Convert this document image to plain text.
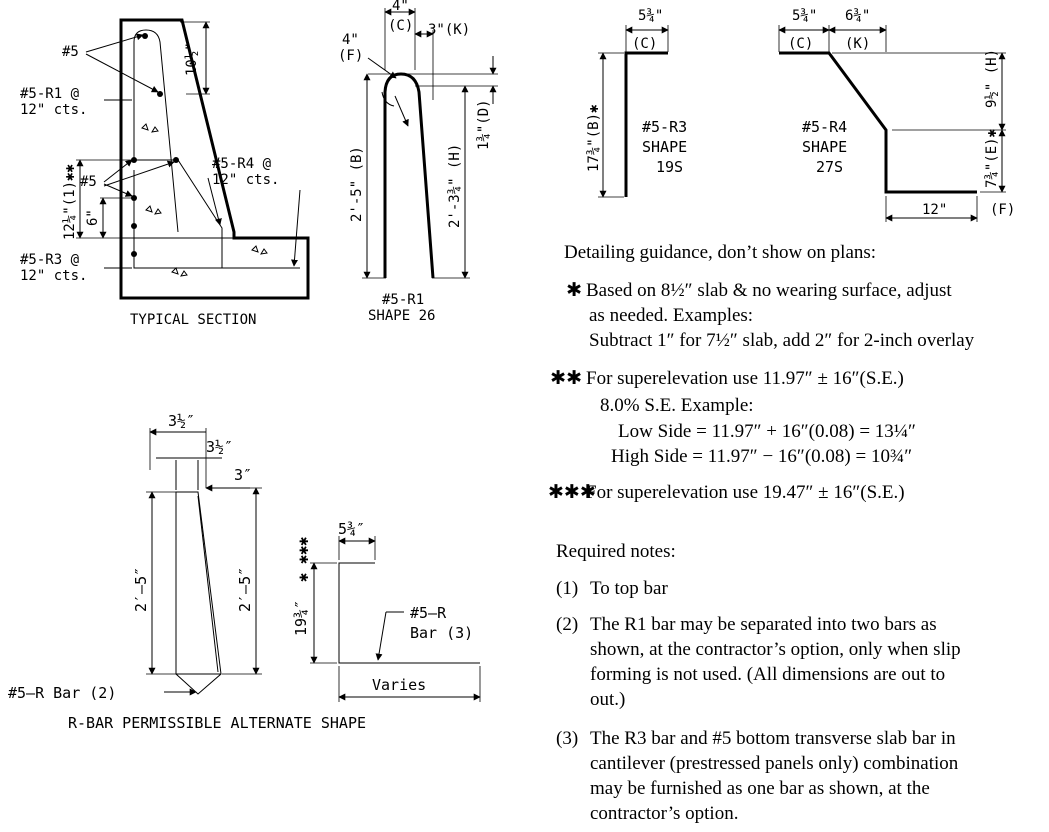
#5
#5-R1 @
12" cts.
#5
#5-R4 @
12" cts.
#5-R3 @
12" cts.
10½"
12¼"(1)✱✱ 6"
TYPICAL SECTION
4"
(C) 3"(K)
4"
(F)
2'-5" (B)	2'-3¾" (H)
1¾"(D)
#5-R1
SHAPE 26
5¾"
(C)
17¾"(B)✱	#5-R3
SHAPE
19S
5¾"
(C)
6¾"
(K)
9½" (H)
7¾"(E)✱
12"	(F)
#5-R4
SHAPE
27S
3½″
3½″
3″
2′–5″	2′–5″
#5–R Bar (2)
5¾″
19¾″
✱ ✱✱✱
#5–R
Bar (3)
Varies
R-BAR PERMISSIBLE ALTERNATE SHAPE
Detailing guidance, don’t show on plans:
✱ Based on 8½″ slab & no wearing surface, adjust
as needed. Examples:
Subtract 1″ for 7½″ slab, add 2″ for 2-inch overlay
✱✱ For superelevation use 11.97″ ± 16″(S.E.)
8.0% S.E. Example:
Low Side = 11.97″ + 16″(0.08) = 13¼″
High Side = 11.97″ − 16″(0.08) = 10¾″
✱✱✱For superelevation use 19.47″ ± 16″(S.E.)
Required notes:
(1) To top bar
(2) The R1 bar may be separated into two bars as
shown, at the contractor’s option, only when slip
forming is not used. (All dimensions are out to
out.)
(3) The R3 bar and #5 bottom transverse slab bar in
cantilever (prestressed panels only) combination
may be furnished as one bar as shown, at the
contractor’s option.
